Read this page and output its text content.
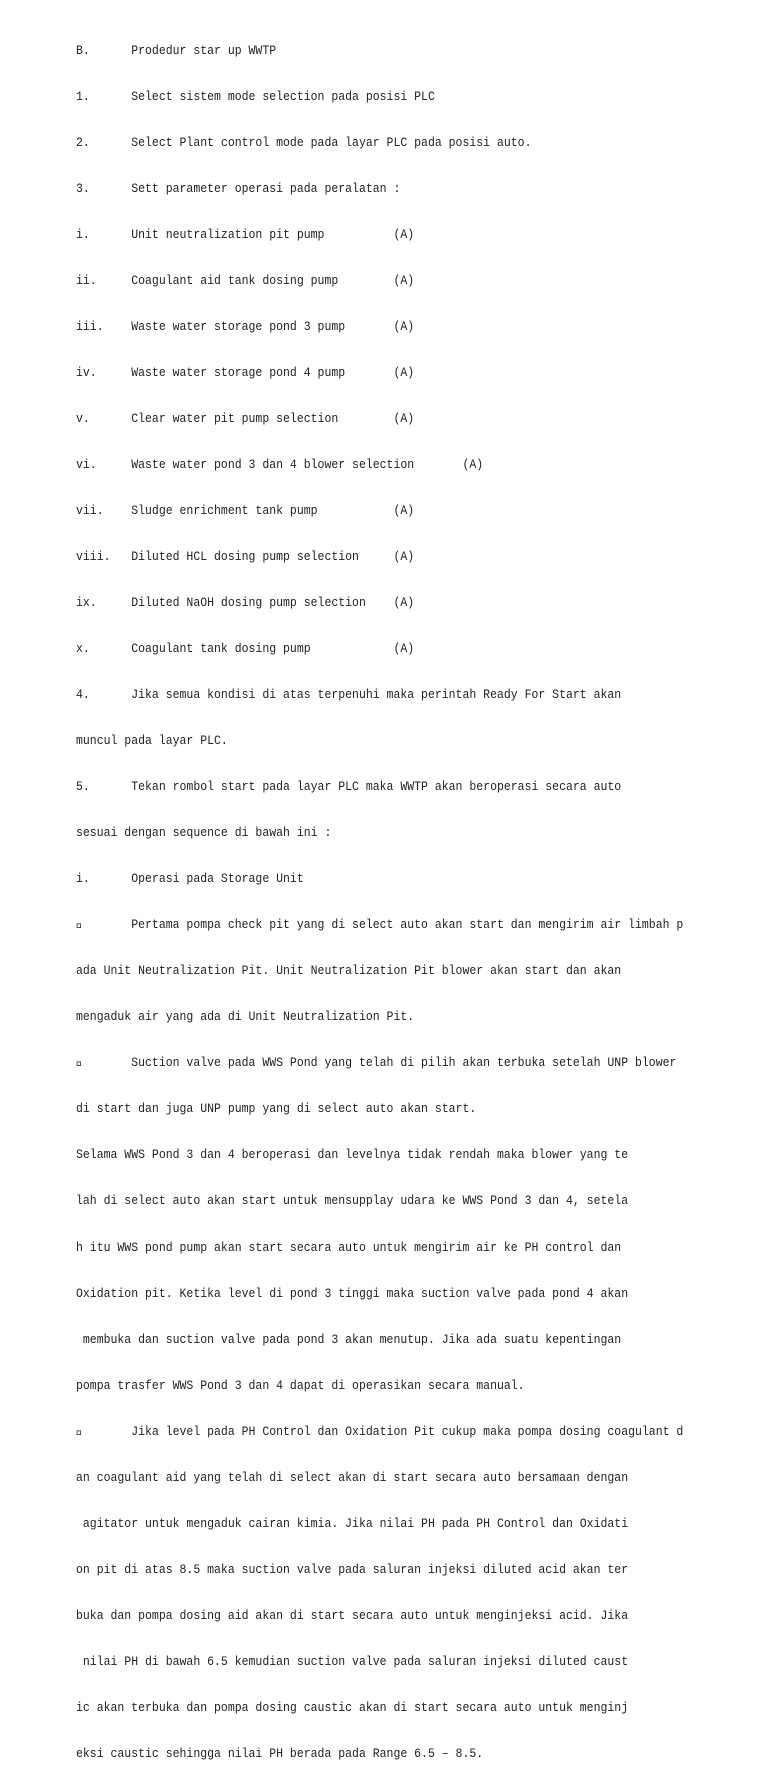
B.      Prodedur star up WWTP

1.      Select sistem mode selection pada posisi PLC

2.      Select Plant control mode pada layar PLC pada posisi auto.

3.      Sett parameter operasi pada peralatan :

i.      Unit neutralization pit pump          (A)

ii.     Coagulant aid tank dosing pump        (A)

iii.    Waste water storage pond 3 pump       (A)

iv.     Waste water storage pond 4 pump       (A)

v.      Clear water pit pump selection        (A)

vi.     Waste water pond 3 dan 4 blower selection       (A)

vii.    Sludge enrichment tank pump           (A)

viii.   Diluted HCL dosing pump selection     (A)

ix.     Diluted NaOH dosing pump selection    (A)

x.      Coagulant tank dosing pump            (A)

4.      Jika semua kondisi di atas terpenuhi maka perintah Ready For Start akan

muncul pada layar PLC.

5.      Tekan rombol start pada layar PLC maka WWTP akan beroperasi secara auto

sesuai dengan sequence di bawah ini :

i.      Operasi pada Storage Unit

Pertama pompa check pit yang di select auto akan start dan mengirim air limbah p

ada Unit Neutralization Pit. Unit Neutralization Pit blower akan start dan akan

mengaduk air yang ada di Unit Neutralization Pit.

Suction valve pada WWS Pond yang telah di pilih akan terbuka setelah UNP blower

di start dan juga UNP pump yang di select auto akan start.

Selama WWS Pond 3 dan 4 beroperasi dan levelnya tidak rendah maka blower yang te

lah di select auto akan start untuk mensupplay udara ke WWS Pond 3 dan 4, setela

h itu WWS pond pump akan start secara auto untuk mengirim air ke PH control dan

Oxidation pit. Ketika level di pond 3 tinggi maka suction valve pada pond 4 akan

membuka dan suction valve pada pond 3 akan menutup. Jika ada suatu kepentingan

pompa trasfer WWS Pond 3 dan 4 dapat di operasikan secara manual.

Jika level pada PH Control dan Oxidation Pit cukup maka pompa dosing coagulant d

an coagulant aid yang telah di select akan di start secara auto bersamaan dengan

agitator untuk mengaduk cairan kimia. Jika nilai PH pada PH Control dan Oxidati

on pit di atas 8.5 maka suction valve pada saluran injeksi diluted acid akan ter

buka dan pompa dosing aid akan di start secara auto untuk menginjeksi acid. Jika

nilai PH di bawah 6.5 kemudian suction valve pada saluran injeksi diluted caust

ic akan terbuka dan pompa dosing caustic akan di start secara auto untuk menginj

eksi caustic sehingga nilai PH berada pada Range 6.5 – 8.5.
